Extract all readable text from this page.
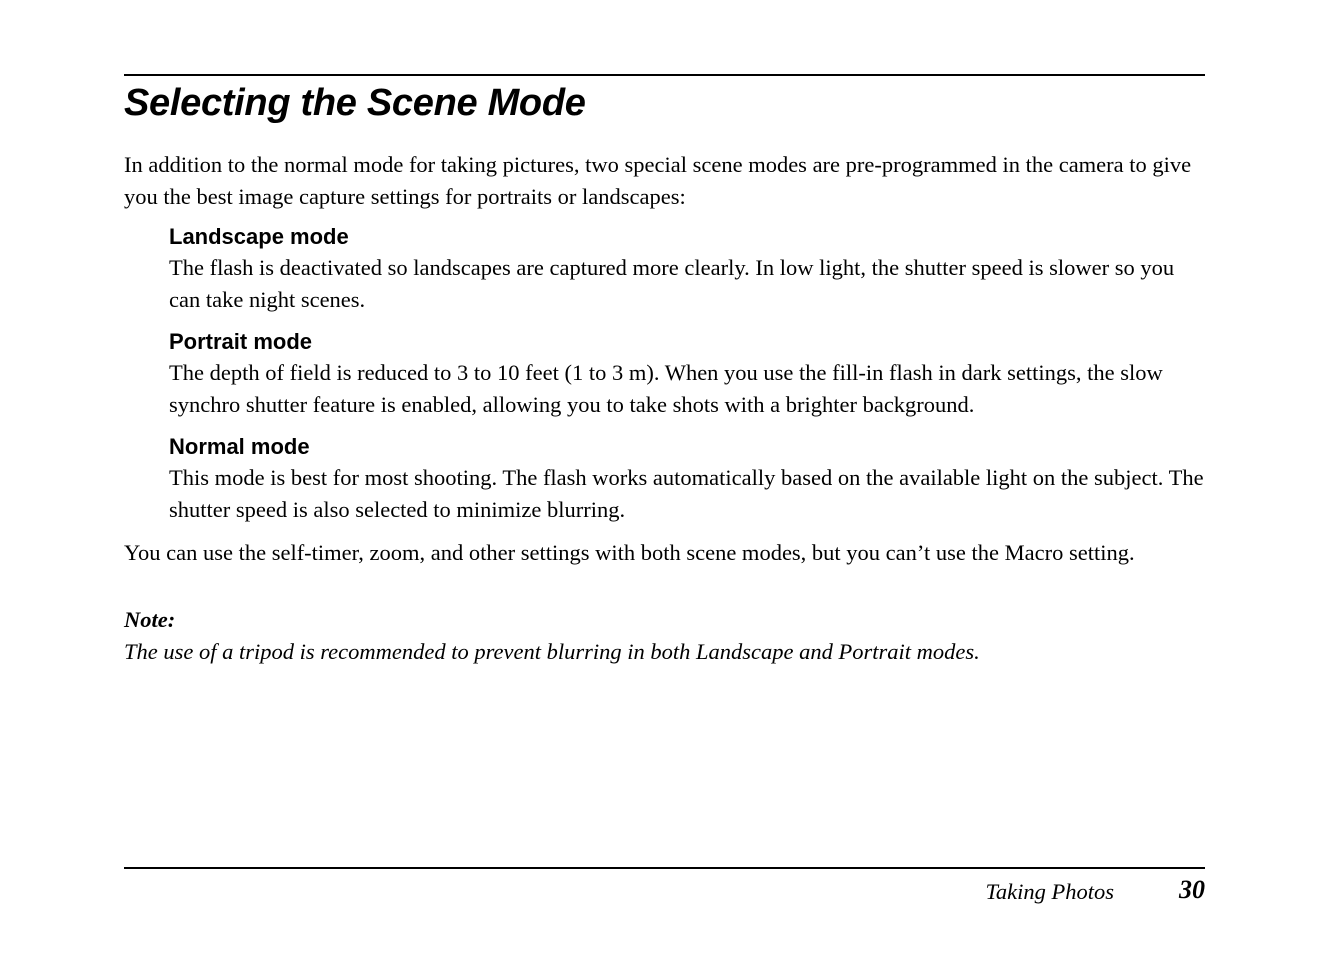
Selecting the Scene Mode

In addition to the normal mode for taking pictures, two special scene modes are pre-programmed in the camera to give you the best image capture settings for portraits or landscapes:

Landscape mode

The flash is deactivated so landscapes are captured more clearly. In low light, the shutter speed is slower so you can take night scenes.

Portrait mode

The depth of field is reduced to 3 to 10 feet (1 to 3 m). When you use the fill-in flash in dark settings, the slow synchro shutter feature is enabled, allowing you to take shots with a brighter background.

Normal mode

This mode is best for most shooting. The flash works automatically based on the available light on the subject. The shutter speed is also selected to minimize blurring.

You can use the self-timer, zoom, and other settings with both scene modes, but you can’t use the Macro setting.

Note:

The use of a tripod is recommended to prevent blurring in both Landscape and Portrait modes.

Taking Photos	30
